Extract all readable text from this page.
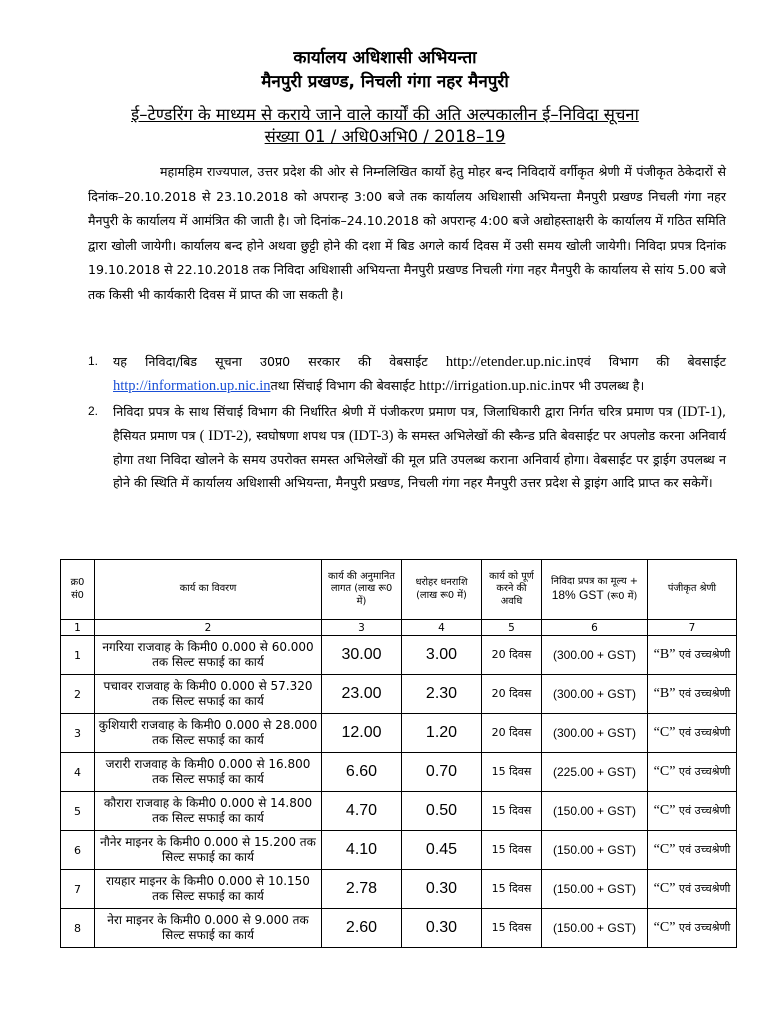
कार्यालय अधिशासी अभियन्ता
मैनपुरी प्रखण्ड, निचली गंगा नहर मैनपुरी
ई–टेण्डरिंग के माध्यम से कराये जाने वाले कार्यों की अति अल्पकालीन ई–निविदा सूचना
संख्या 01 / अधि0अभि0 / 2018–19
महामहिम राज्यपाल, उत्तर प्रदेश की ओर से निम्नलिखित कार्यो हेतु मोहर बन्द निविदायें वर्गीकृत श्रेणी में पंजीकृत ठेकेदारों से दिनांक–20.10.2018 से 23.10.2018 को अपरान्ह 3:00 बजे तक कार्यालय अधिशासी अभियन्ता मैनपुरी प्रखण्ड निचली गंगा नहर मैनपुरी के कार्यालय में आमंत्रित की जाती है। जो दिनांक–24.10.2018 को अपरान्ह 4:00 बजे अद्योहस्ताक्षरी के कार्यालय में गठित समिति द्वारा खोली जायेगी। कार्यालय बन्द होने अथवा छुट्टी होने की दशा में बिड अगले कार्य दिवस में उसी समय खोली जायेगी। निविदा प्रपत्र दिनांक 19.10.2018 से 22.10.2018 तक निविदा अधिशासी अभियन्ता मैनपुरी प्रखण्ड निचली गंगा नहर मैनपुरी के कार्यालय से सांय 5.00 बजे तक किसी भी कार्यकारी दिवस में प्राप्त की जा सकती है।
1. यह निविदा/बिड सूचना उ0प्र0 सरकार की वेबसाईट http://etender.up.nic.inएवं विभाग की बेवसाईट http://information.up.nic.inतथा सिंचाई विभाग की बेवसाईट http://irrigation.up.nic.inपर भी उपलब्ध है।
2. निविदा प्रपत्र के साथ सिंचाई विभाग की निर्धारित श्रेणी में पंजीकरण प्रमाण पत्र, जिलाधिकारी द्वारा निर्गत चरित्र प्रमाण पत्र (IDT-1), हैसियत प्रमाण पत्र ( IDT-2), स्वघोषणा शपथ पत्र (IDT-3) के समस्त अभिलेखों की स्कैन्ड प्रति बेवसाईट पर अपलोड करना अनिवार्य होगा तथा निविदा खोलने के समय उपरोक्त समस्त अभिलेखों की मूल प्रति उपलब्ध कराना अनिवार्य होगा। वेबसाईट पर ड्राईग उपलब्ध न होने की स्थिति में कार्यालय अधिशासी अभियन्ता, मैनपुरी प्रखण्ड, निचली गंगा नहर मैनपुरी उत्तर प्रदेश से ड्राइंग आदि प्राप्त कर सकेगें।
क्र0 सं0	कार्य का विवरण	कार्य की अनुमानित लागत (लाख रू0 में)	धरोहर धनराशि (लाख रू0 में)	कार्य को पूर्ण करने की अवधि	निविदा प्रपत्र का मूल्य + 18% GST (रू0 में)	पंजीकृत श्रेणी
1	2	3	4	5	6	7
1	नगरिया राजवाह के किमी0 0.000 से 60.000 तक सिल्ट सफाई का कार्य	30.00	3.00	20 दिवस	(300.00 + GST)	“B” एवं उच्चश्रेणी
2	पचावर राजवाह के किमी0 0.000 से 57.320 तक सिल्ट सफाई का कार्य	23.00	2.30	20 दिवस	(300.00 + GST)	“B” एवं उच्चश्रेणी
3	कुशियारी राजवाह के किमी0 0.000 से 28.000 तक सिल्ट सफाई का कार्य	12.00	1.20	20 दिवस	(300.00 + GST)	“C” एवं उच्चश्रेणी
4	जरारी राजवाह के किमी0 0.000 से 16.800 तक सिल्ट सफाई का कार्य	6.60	0.70	15 दिवस	(225.00 + GST)	“C” एवं उच्चश्रेणी
5	कौरारा राजवाह के किमी0 0.000 से 14.800 तक सिल्ट सफाई का कार्य	4.70	0.50	15 दिवस	(150.00 + GST)	“C” एवं उच्चश्रेणी
6	नौनेर माइनर के किमी0 0.000 से 15.200 तक सिल्ट सफाई का कार्य	4.10	0.45	15 दिवस	(150.00 + GST)	“C” एवं उच्चश्रेणी
7	रायहार माइनर के किमी0 0.000 से 10.150 तक सिल्ट सफाई का कार्य	2.78	0.30	15 दिवस	(150.00 + GST)	“C” एवं उच्चश्रेणी
8	नेरा माइनर के किमी0 0.000 से 9.000 तक सिल्ट सफाई का कार्य	2.60	0.30	15 दिवस	(150.00 + GST)	“C” एवं उच्चश्रेणी
